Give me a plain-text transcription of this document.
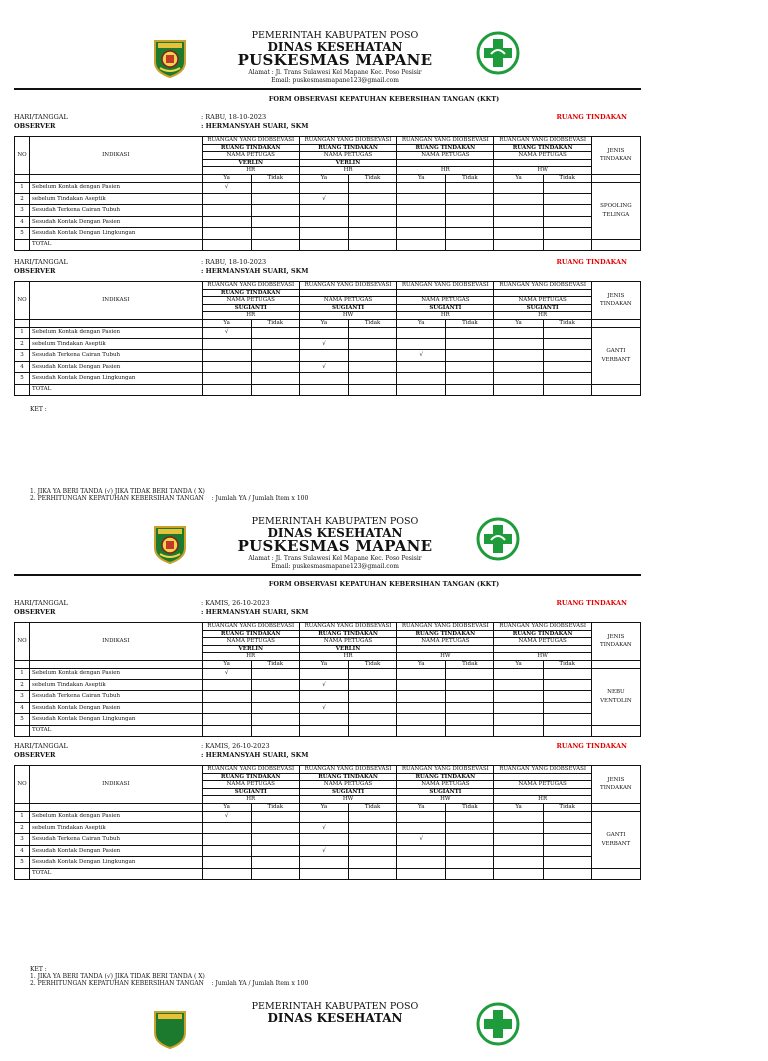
PEMERINTAH KABUPATEN POSO
DINAS KESEHATAN
PUSKESMAS MAPANE
Alamat : Jl. Trans Sulawesi Kel Mapane Kec. Poso Pesisir
Email: puskesmasmapane123@gmail.com
FORM OBSERVASI KEPATUHAN KEBERSIHAN TANGAN (KKT)
HARI/TANGGAL
OBSERVER
: RABU, 18-10-2023
: HERMANSYAH SUARI, SKM
RUANG TINDAKAN
NO	INDIKASI	RUANGAN YANG DIOBSEVASI		RUANGAN YANG DIOBSEVASI		RUANGAN YANG DIOBSEVASI		RUANGAN YANG DIOBSEVASI		JENIS TINDAKAN
		RUANG TINDAKAN		RUANG TINDAKAN		RUANG TINDAKAN		RUANG TINDAKAN		
		NAMA PETUGAS		NAMA PETUGAS		NAMA PETUGAS		NAMA PETUGAS		
		VERLIN		VERLIN						
		HR		HR		HR		HW		
		Ya	Tidak	Ya	Tidak	Ya	Tidak	Ya	Tidak	
1	Sebelum Kontak dengan Pasien	√								SPOOLING TELINGA
2	sebelum Tindakan Aseptik			√						
3	Sesudah Terkena Cairan Tubuh									
4	Sesudah Kontak Dengan Pasien									
5	Sesudah Kontak Dengan Lingkungan									
	TOTAL									
HARI/TANGGAL
OBSERVER
: RABU, 18-10-2023
: HERMANSYAH SUARI, SKM
RUANG TINDAKAN
NO	INDIKASI	RUANGAN YANG DIOBSEVASI		RUANGAN YANG DIOBSEVASI		RUANGAN YANG DIOBSEVASI		RUANGAN YANG DIOBSEVASI		JENIS TINDAKAN
		RUANG TINDAKAN								
		NAMA PETUGAS		NAMA PETUGAS		NAMA PETUGAS		NAMA PETUGAS		
		SUGIANTI		SUGIANTI		SUGIANTI		SUGIANTI		
		HR		HW		HR		HR		
		Ya	Tidak	Ya	Tidak	Ya	Tidak	Ya	Tidak	
1	Sebelum Kontak dengan Pasien	√								GANTI VERBANT
2	sebelum Tindakan Aseptik			√						
3	Sesudah Terkena Cairan Tubuh					√				
4	Sesudah Kontak Dengan Pasien			√						
5	Sesudah Kontak Dengan Lingkungan									
	TOTAL									
KET :
1. JIKA YA BERI TANDA (√) JIKA TIDAK BERI TANDA ( X)
2. PERHITUNGAN KEPATUHAN KEBERSIHAN TANGAN : Jumlah YA / Jumlah Item x 100
PEMERINTAH KABUPATEN POSO
DINAS KESEHATAN
PUSKESMAS MAPANE
Alamat : Jl. Trans Sulawesi Kel Mapane Kec. Poso Pesisir
Email: puskesmasmapane123@gmail.com
FORM OBSERVASI KEPATUHAN KEBERSIHAN TANGAN (KKT)
HARI/TANGGAL
OBSERVER
: KAMIS, 26-10-2023
: HERMANSYAH SUARI, SKM
RUANG TINDAKAN
NO	INDIKASI	RUANGAN YANG DIOBSEVASI		RUANGAN YANG DIOBSEVASI		RUANGAN YANG DIOBSEVASI		RUANGAN YANG DIOBSEVASI		JENIS TINDAKAN
		RUANG TINDAKAN		RUANG TINDAKAN		RUANG TINDAKAN		RUANG TINDAKAN		
		NAMA PETUGAS		NAMA PETUGAS		NAMA PETUGAS		NAMA PETUGAS		
		VERLIN		VERLIN						
		HR		HR		HW		HW		
		Ya	Tidak	Ya	Tidak	Ya	Tidak	Ya	Tidak	
1	Sebelum Kontak dengan Pasien	√								NEBU VENTOLIN
2	sebelum Tindakan Aseptik			√						
3	Sesudah Terkena Cairan Tubuh									
4	Sesudah Kontak Dengan Pasien			√						
5	Sesudah Kontak Dengan Lingkungan									
	TOTAL									
HARI/TANGGAL
OBSERVER
: KAMIS, 26-10-2023
: HERMANSYAH SUARI, SKM
RUANG TINDAKAN
NO	INDIKASI	RUANGAN YANG DIOBSEVASI		RUANGAN YANG DIOBSEVASI		RUANGAN YANG DIOBSEVASI		RUANGAN YANG DIOBSEVASI		JENIS TINDAKAN
		RUANG TINDAKAN		RUANG TINDAKAN		RUANG TINDAKAN				
		NAMA PETUGAS		NAMA PETUGAS		NAMA PETUGAS		NAMA PETUGAS		
		SUGIANTI		SUGIANTI		SUGIANTI				
		HR		HW		HW		HR		
		Ya	Tidak	Ya	Tidak	Ya	Tidak	Ya	Tidak	
1	Sebelum Kontak dengan Pasien	√								GANTI VERBANT
2	sebelum Tindakan Aseptik			√						
3	Sesudah Terkena Cairan Tubuh					√				
4	Sesudah Kontak Dengan Pasien			√						
5	Sesudah Kontak Dengan Lingkungan									
	TOTAL									
KET :
1. JIKA YA BERI TANDA (√) JIKA TIDAK BERI TANDA ( X)
2. PERHITUNGAN KEPATUHAN KEBERSIHAN TANGAN : Jumlah YA / Jumlah Item x 100
PEMERINTAH KABUPATEN POSO
DINAS KESEHATAN
